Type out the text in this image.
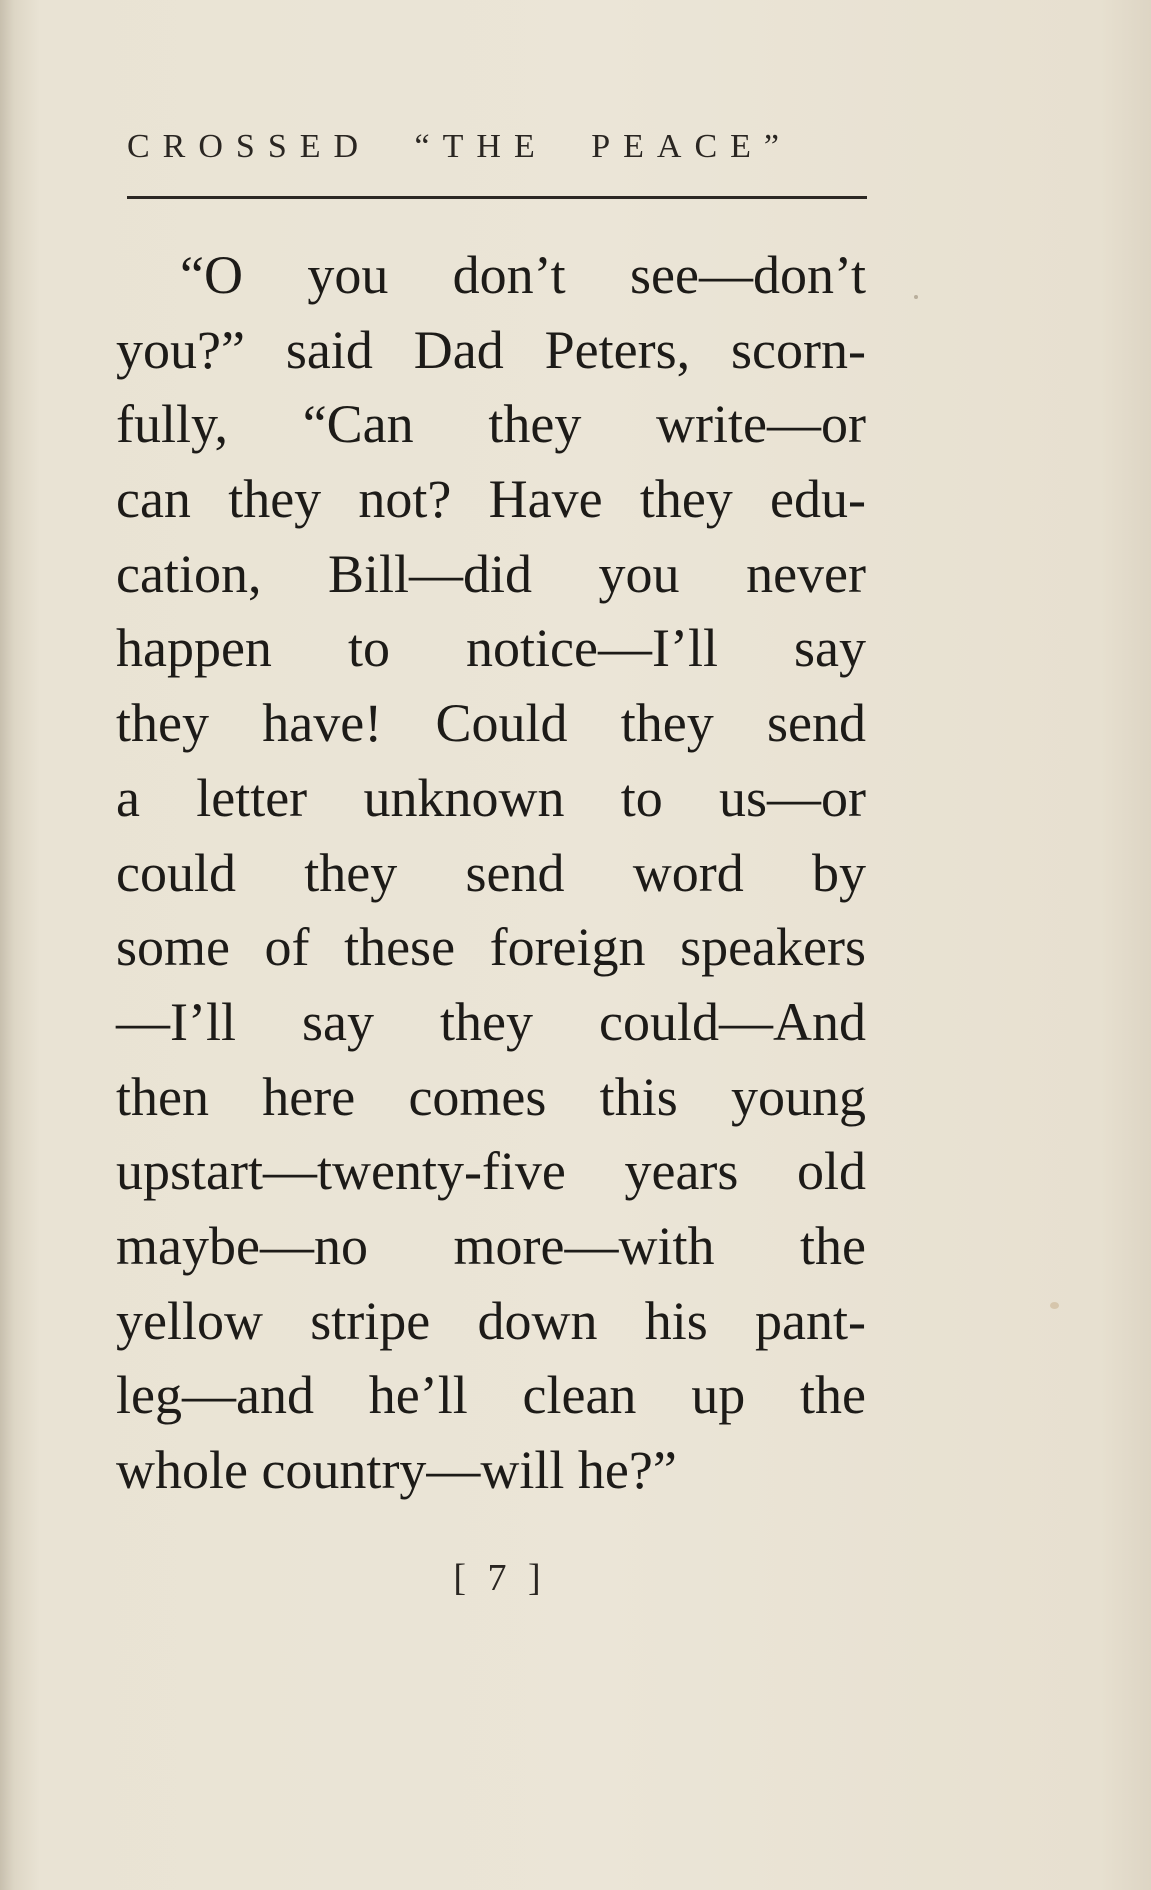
CROSSED “THE PEACE”
“O you don’t see—don’t
you?” said Dad Peters, scorn-
fully, “Can they write—or
can they not? Have they edu-
cation, Bill—did you never
happen to notice—I’ll say
they have! Could they send
a letter unknown to us—or
could they send word by
some of these foreign speakers
—I’ll say they could—And
then here comes this young
upstart—twenty-five years old
maybe—no more—with the
yellow stripe down his pant-
leg—and he’ll clean up the
whole country—will he?”
[ 7 ]
